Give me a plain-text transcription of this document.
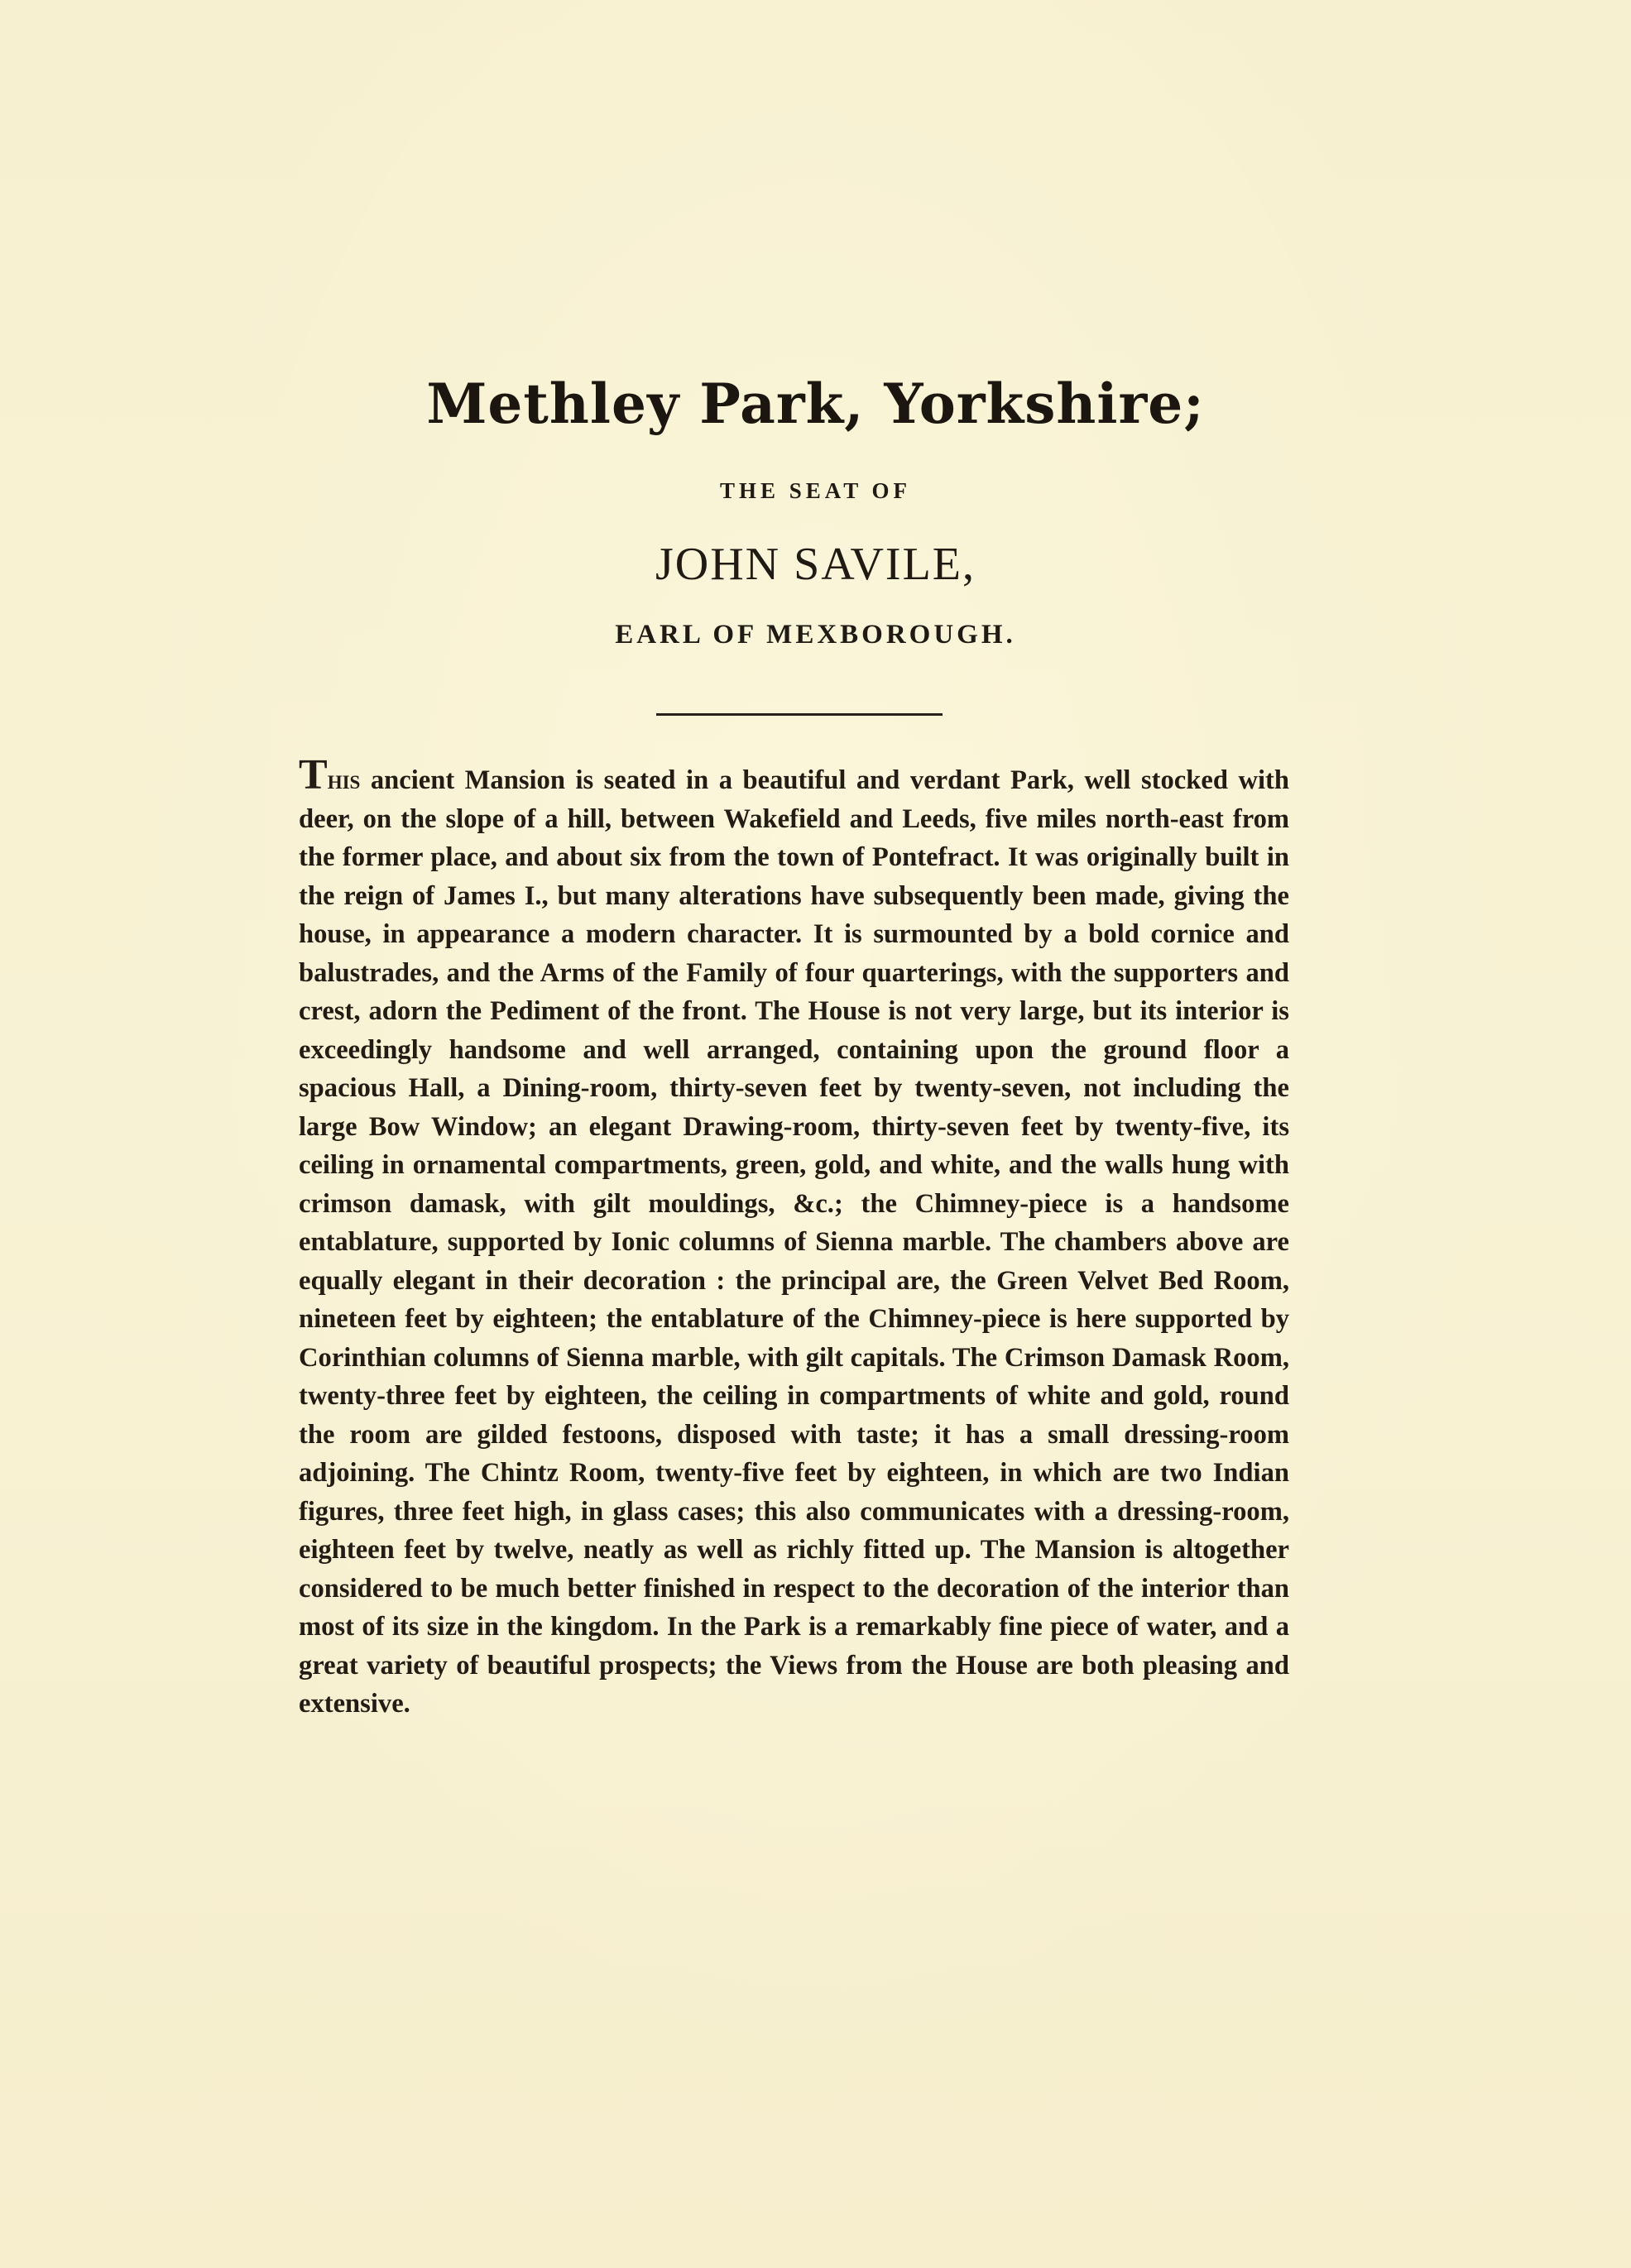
Methley Park, Yorkshire;
THE SEAT OF
JOHN SAVILE,
EARL OF MEXBOROUGH.

This ancient Mansion is seated in a beautiful and verdant Park, well stocked with deer, on the slope of a hill, between Wakefield and Leeds, five miles north-east from the former place, and about six from the town of Pontefract. It was originally built in the reign of James I., but many alterations have subsequently been made, giving the house, in appearance a modern character. It is surmounted by a bold cornice and balustrades, and the Arms of the Family of four quarterings, with the supporters and crest, adorn the Pediment of the front. The House is not very large, but its interior is exceedingly handsome and well arranged, containing upon the ground floor a spacious Hall, a Dining-room, thirty-seven feet by twenty-seven, not including the large Bow Window; an elegant Drawing-room, thirty-seven feet by twenty-five, its ceiling in ornamental compartments, green, gold, and white, and the walls hung with crimson damask, with gilt mouldings, &c.; the Chimney-piece is a handsome entablature, supported by Ionic columns of Sienna marble. The chambers above are equally elegant in their decoration : the principal are, the Green Velvet Bed Room, nineteen feet by eighteen; the entablature of the Chimney-piece is here supported by Corinthian columns of Sienna marble, with gilt capitals. The Crimson Damask Room, twenty-three feet by eighteen, the ceiling in compartments of white and gold, round the room are gilded festoons, disposed with taste; it has a small dressing-room adjoining. The Chintz Room, twenty-five feet by eighteen, in which are two Indian figures, three feet high, in glass cases; this also communicates with a dressing-room, eighteen feet by twelve, neatly as well as richly fitted up. The Mansion is altogether considered to be much better finished in respect to the decoration of the interior than most of its size in the kingdom. In the Park is a remarkably fine piece of water, and a great variety of beautiful prospects; the Views from the House are both pleasing and extensive.
